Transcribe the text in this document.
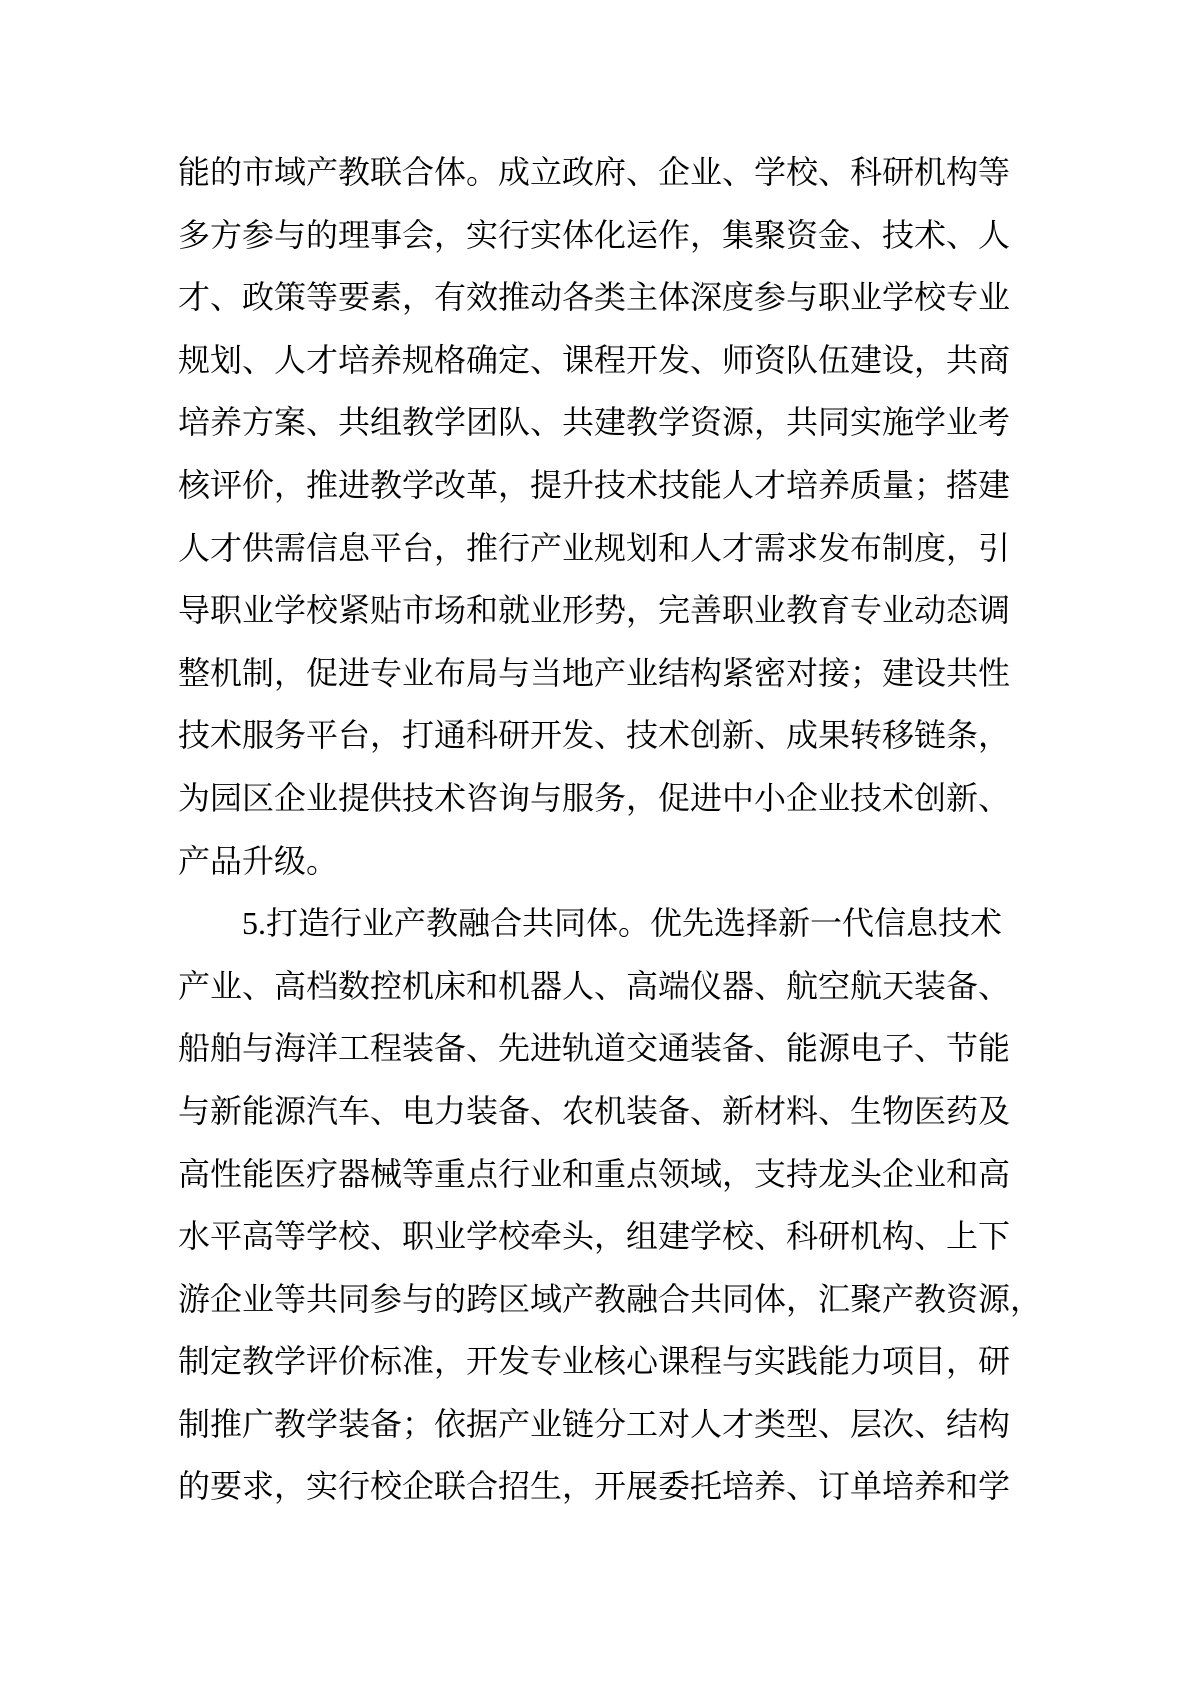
能的市域产教联合体。成立政府、企业、学校、科研机构等
多方参与的理事会，实行实体化运作，集聚资金、技术、人
才、政策等要素，有效推动各类主体深度参与职业学校专业
规划、人才培养规格确定、课程开发、师资队伍建设，共商
培养方案、共组教学团队、共建教学资源，共同实施学业考
核评价，推进教学改革，提升技术技能人才培养质量；搭建
人才供需信息平台，推行产业规划和人才需求发布制度，引
导职业学校紧贴市场和就业形势，完善职业教育专业动态调
整机制，促进专业布局与当地产业结构紧密对接；建设共性
技术服务平台，打通科研开发、技术创新、成果转移链条，
为园区企业提供技术咨询与服务，促进中小企业技术创新、
产品升级。
5.打造行业产教融合共同体。优先选择新一代信息技术
产业、高档数控机床和机器人、高端仪器、航空航天装备、
船舶与海洋工程装备、先进轨道交通装备、能源电子、节能
与新能源汽车、电力装备、农机装备、新材料、生物医药及
高性能医疗器械等重点行业和重点领域，支持龙头企业和高
水平高等学校、职业学校牵头，组建学校、科研机构、上下
游企业等共同参与的跨区域产教融合共同体，汇聚产教资源，
制定教学评价标准，开发专业核心课程与实践能力项目，研
制推广教学装备；依据产业链分工对人才类型、层次、结构
的要求，实行校企联合招生，开展委托培养、订单培养和学
